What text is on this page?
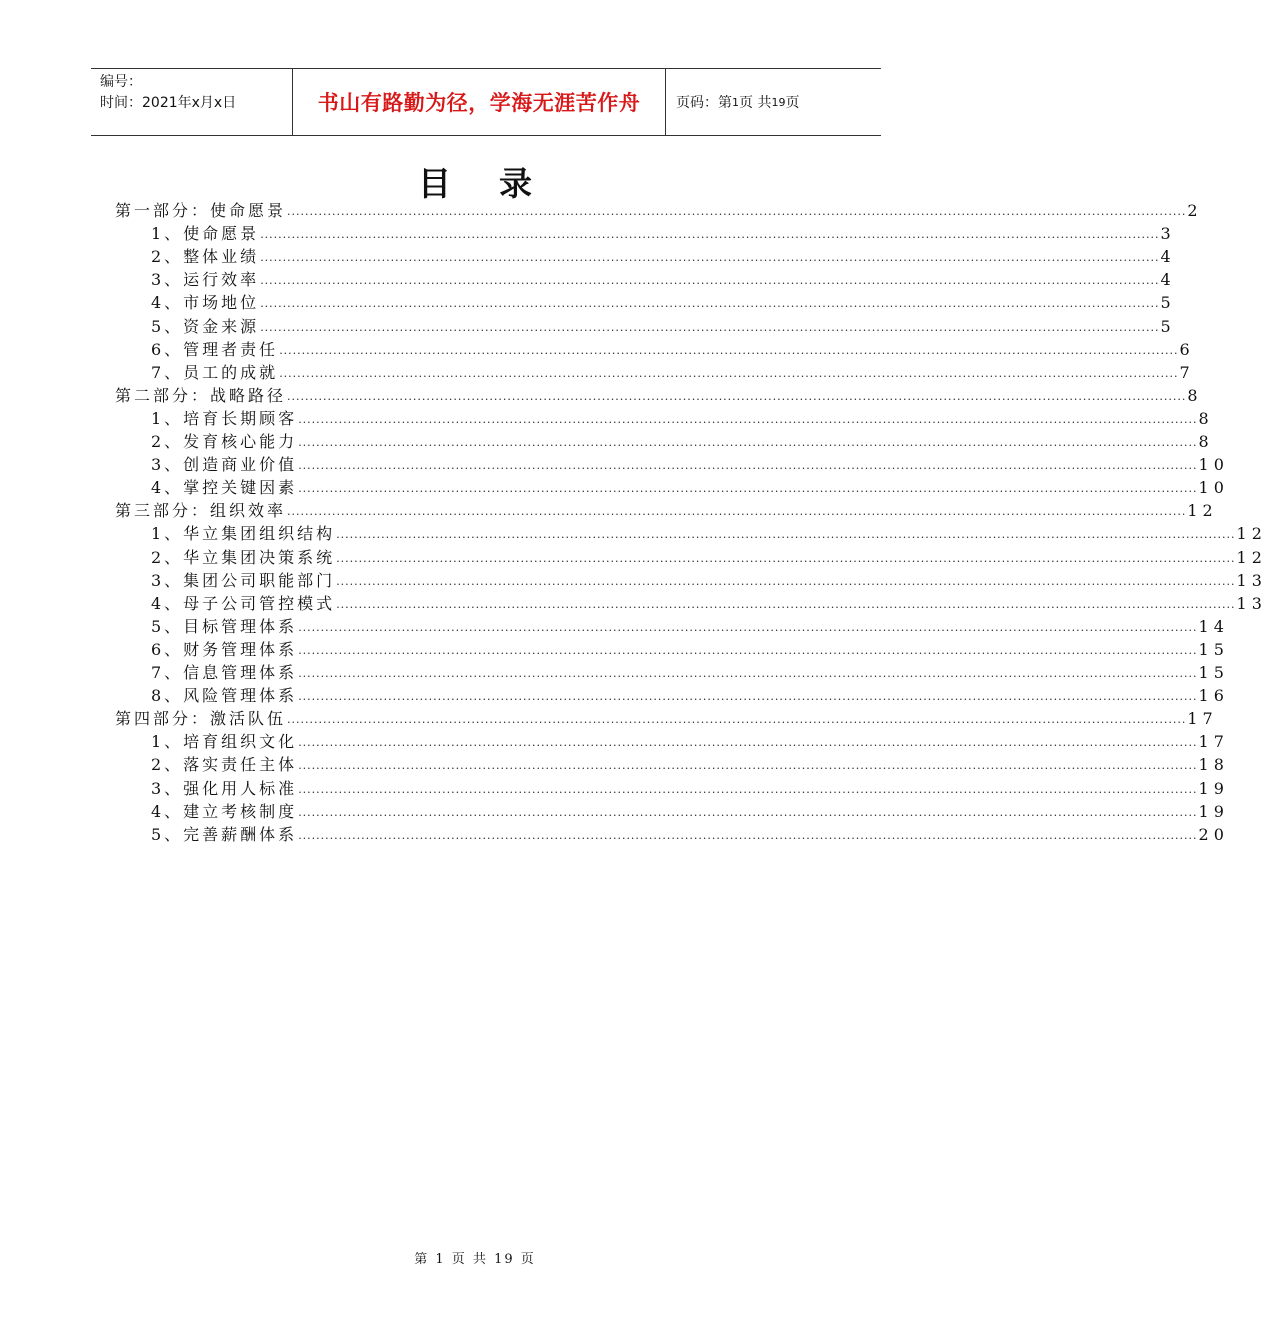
编号：
时间：2021年x月x日	书山有路勤为径，学海无涯苦作舟	页码：第 1 页 共 19 页
目录
第一部分：使命愿景 ........................................................................................................................................................................................................ 2
1、使命愿景 ........................................................................................................................................................................................................ 3
2、整体业绩 ........................................................................................................................................................................................................ 4
3、运行效率 ........................................................................................................................................................................................................ 4
4、市场地位 ........................................................................................................................................................................................................ 5
5、资金来源 ........................................................................................................................................................................................................ 5
6、管理者责任 ........................................................................................................................................................................................................ 6
7、员工的成就 ........................................................................................................................................................................................................ 7
第二部分：战略路径 ........................................................................................................................................................................................................ 8
1、培育长期顾客 ........................................................................................................................................................................................................ 8
2、发育核心能力 ........................................................................................................................................................................................................ 8
3、创造商业价值 ........................................................................................................................................................................................................ 10
4、掌控关键因素 ........................................................................................................................................................................................................ 10
第三部分：组织效率 ........................................................................................................................................................................................................ 12
1、华立集团组织结构 ........................................................................................................................................................................................................ 12
2、华立集团决策系统 ........................................................................................................................................................................................................ 12
3、集团公司职能部门 ........................................................................................................................................................................................................ 13
4、母子公司管控模式 ........................................................................................................................................................................................................ 13
5、目标管理体系 ........................................................................................................................................................................................................ 14
6、财务管理体系 ........................................................................................................................................................................................................ 15
7、信息管理体系 ........................................................................................................................................................................................................ 15
8、风险管理体系 ........................................................................................................................................................................................................ 16
第四部分：激活队伍 ........................................................................................................................................................................................................ 17
1、培育组织文化 ........................................................................................................................................................................................................ 17
2、落实责任主体 ........................................................................................................................................................................................................ 18
3、强化用人标准 ........................................................................................................................................................................................................ 19
4、建立考核制度 ........................................................................................................................................................................................................ 19
5、完善薪酬体系 ........................................................................................................................................................................................................ 20
第 1 页 共 19 页
